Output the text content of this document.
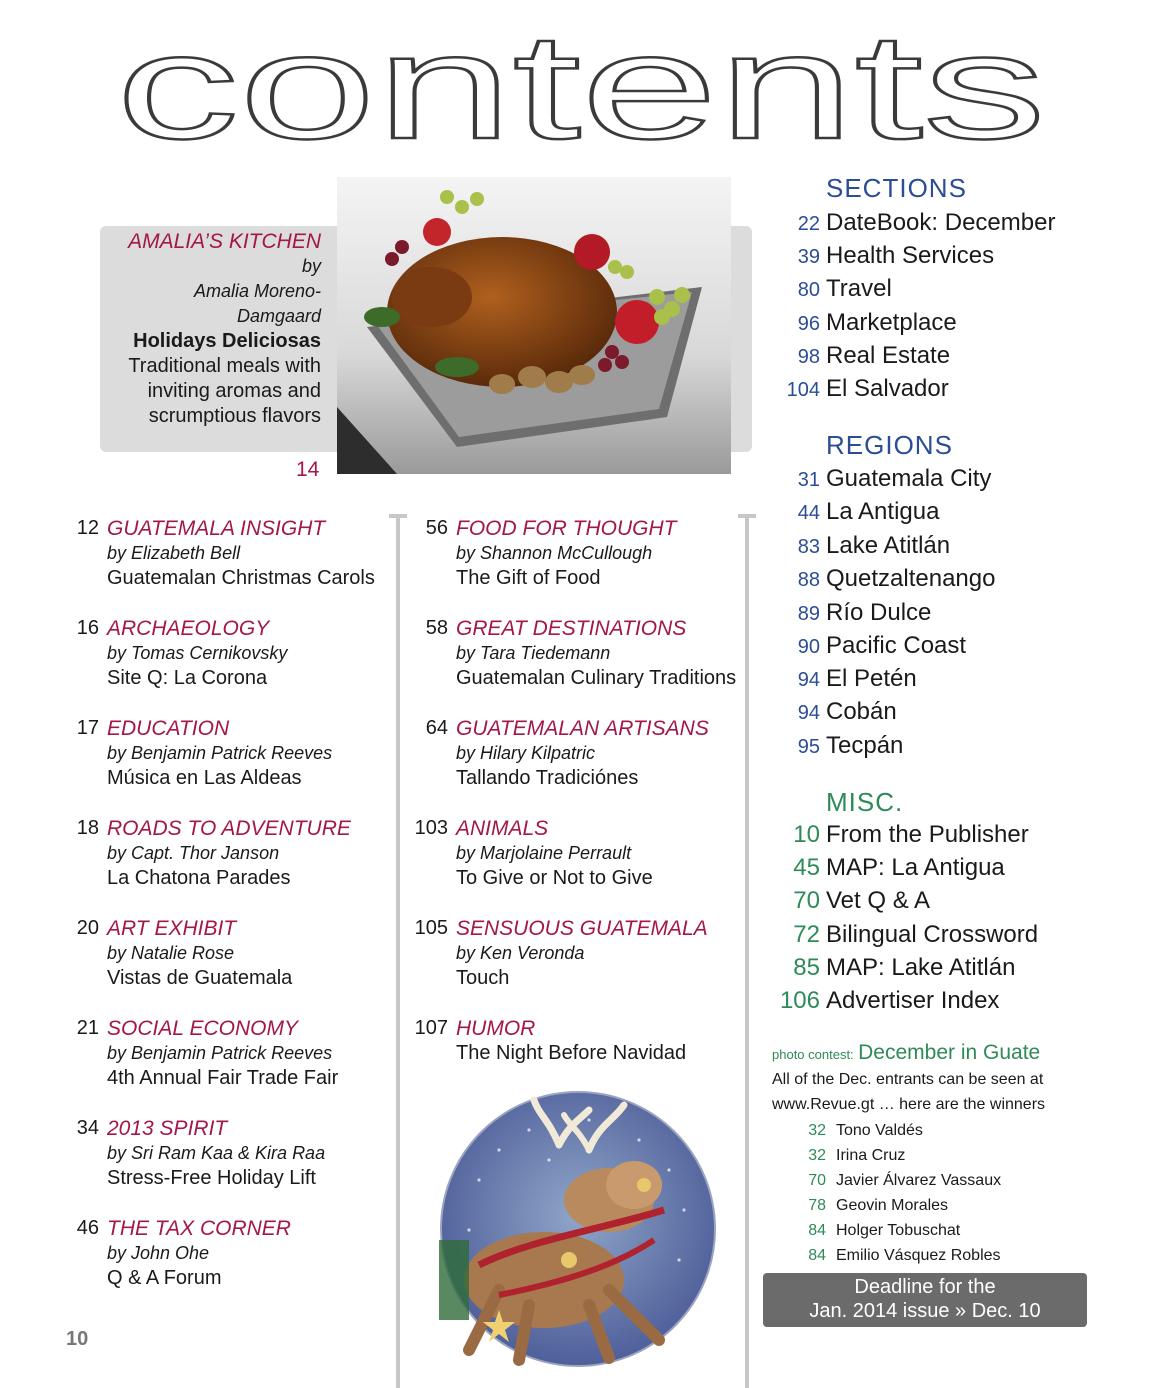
contents
AMALIA’S KITCHEN
by
Amalia Moreno-
Damgaard
Holidays Deliciosas
Traditional meals with
inviting aromas and
scrumptious flavors
14
12 GUATEMALA INSIGHT
by Elizabeth Bell
Guatemalan Christmas Carols
16 ARCHAEOLOGY
by Tomas Cernikovsky
Site Q: La Corona
17 EDUCATION
by Benjamin Patrick Reeves
Música en Las Aldeas
18 ROADS TO ADVENTURE
by Capt. Thor Janson
La Chatona Parades
20 ART EXHIBIT
by Natalie Rose
Vistas de Guatemala
21 SOCIAL ECONOMY
by Benjamin Patrick Reeves
4th Annual Fair Trade Fair
34 2013 SPIRIT
by Sri Ram Kaa & Kira Raa
Stress-Free Holiday Lift
46 THE TAX CORNER
by John Ohe
Q & A Forum
56 FOOD FOR THOUGHT
by Shannon McCullough
The Gift of Food
58 GREAT DESTINATIONS
by Tara Tiedemann
Guatemalan Culinary Traditions
64 GUATEMALAN ARTISANS
by Hilary Kilpatric
Tallando Tradiciónes
103 ANIMALS
by Marjolaine Perrault
To Give or Not to Give
105 SENSUOUS GUATEMALA
by Ken Veronda
Touch
107 HUMOR
The Night Before Navidad
SECTIONS
22 DateBook: December
39 Health Services
80 Travel
96 Marketplace
98 Real Estate
104 El Salvador
REGIONS
31 Guatemala City
44 La Antigua
83 Lake Atitlán
88 Quetzaltenango
89 Río Dulce
90 Pacific Coast
94 El Petén
94 Cobán
95 Tecpán
MISC.
10 From the Publisher
45 MAP: La Antigua
70 Vet Q & A
72 Bilingual Crossword
85 MAP: Lake Atitlán
106 Advertiser Index
photo contest: December in Guate
All of the Dec. entrants can be seen at
www.Revue.gt … here are the winners
32 Tono Valdés
32 Irina Cruz
70 Javier Álvarez Vassaux
78 Geovin Morales
84 Holger Tobuschat
84 Emilio Vásquez Robles
Deadline for the
Jan. 2014 issue » Dec. 10
10
